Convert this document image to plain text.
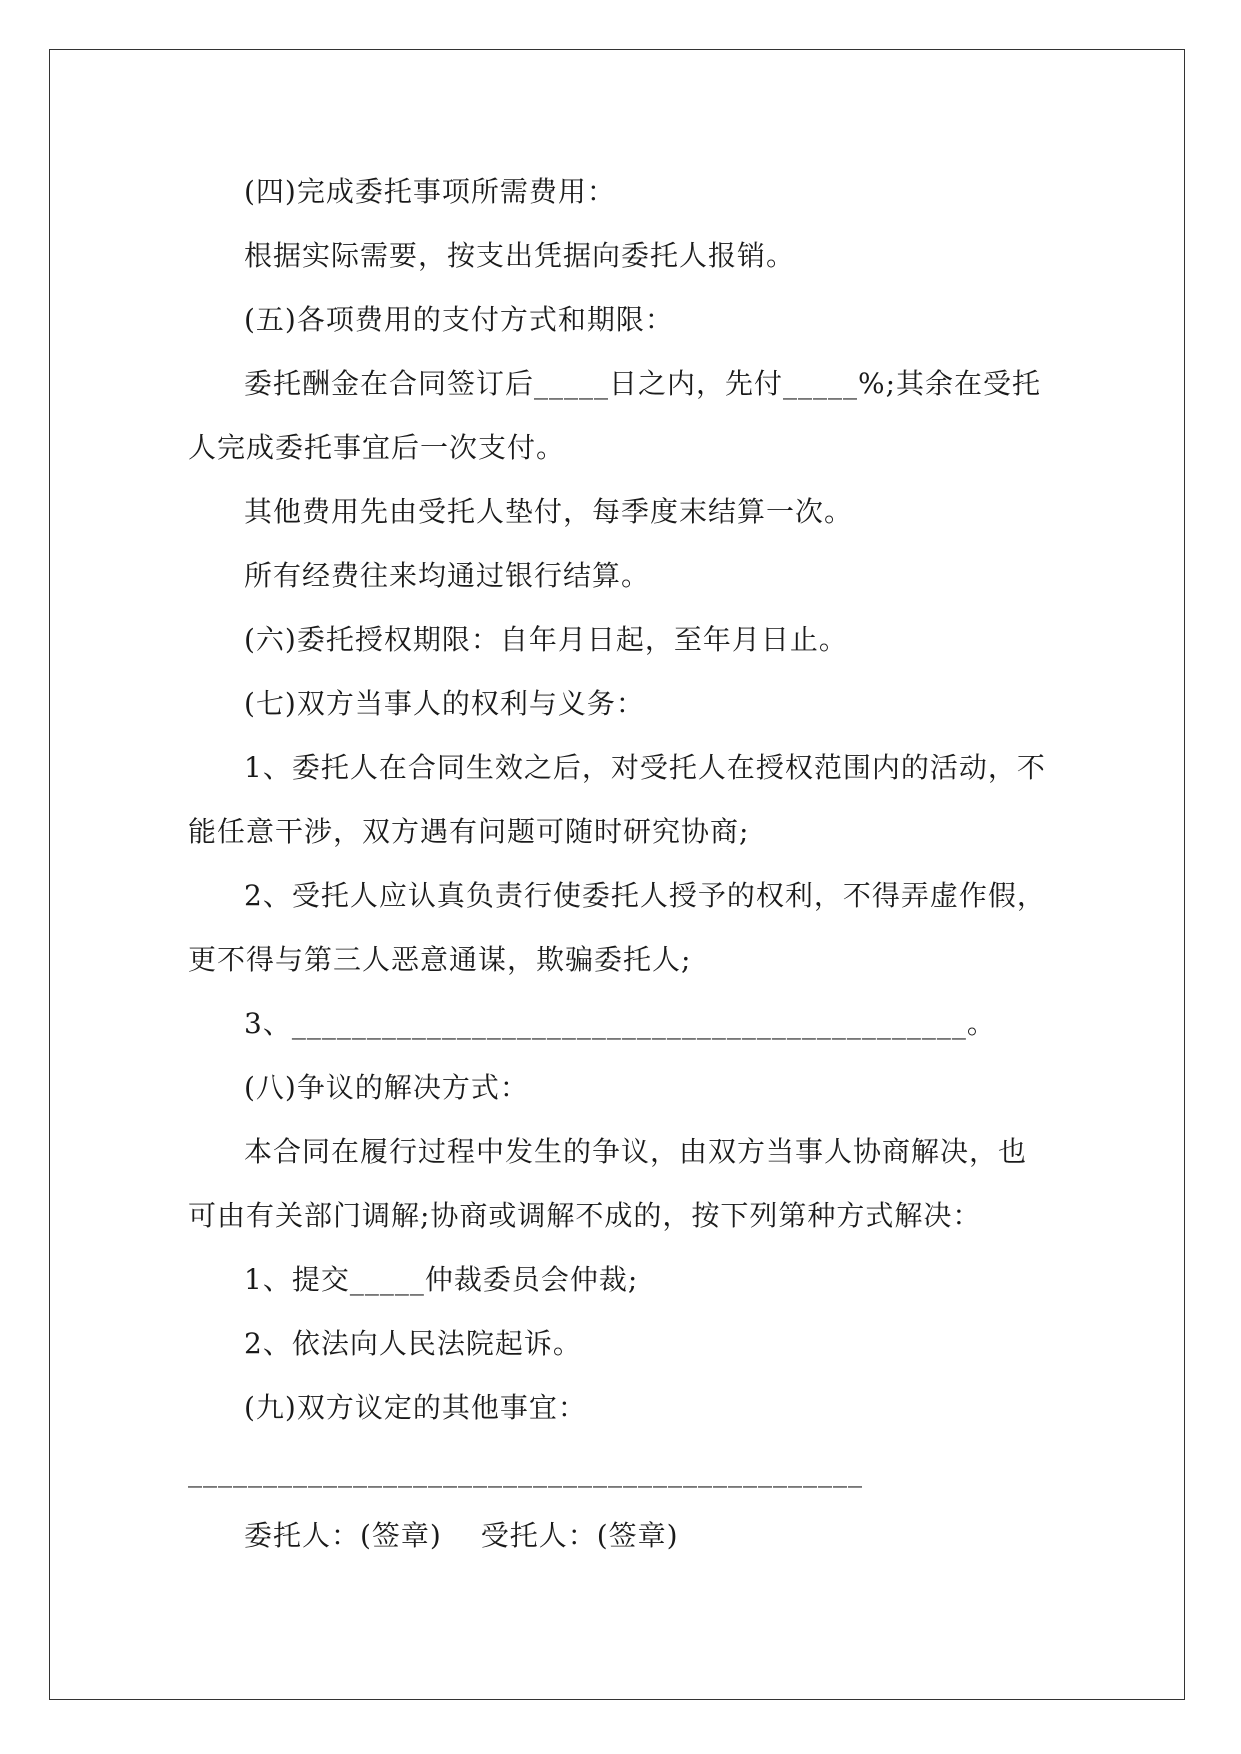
(四)完成委托事项所需费用：

根据实际需要，按支出凭据向委托人报销。

(五)各项费用的支付方式和期限：

委托酬金在合同签订后_____日之内，先付_____%;其余在受托人完成委托事宜后一次支付。

其他费用先由受托人垫付，每季度末结算一次。

所有经费往来均通过银行结算。

(六)委托授权期限：自年月日起，至年月日止。

(七)双方当事人的权利与义务：

1、委托人在合同生效之后，对受托人在授权范围内的活动，不能任意干涉，双方遇有问题可随时研究协商;

2、受托人应认真负责行使委托人授予的权利，不得弄虚作假，更不得与第三人恶意通谋，欺骗委托人;

3、_____________________________________________。

(八)争议的解决方式：

本合同在履行过程中发生的争议，由双方当事人协商解决，也可由有关部门调解;协商或调解不成的，按下列第种方式解决：

1、提交_____仲裁委员会仲裁;

2、依法向人民法院起诉。

(九)双方议定的其他事宜：

_____________________________________________

委托人：(签章)　 受托人：(签章)
